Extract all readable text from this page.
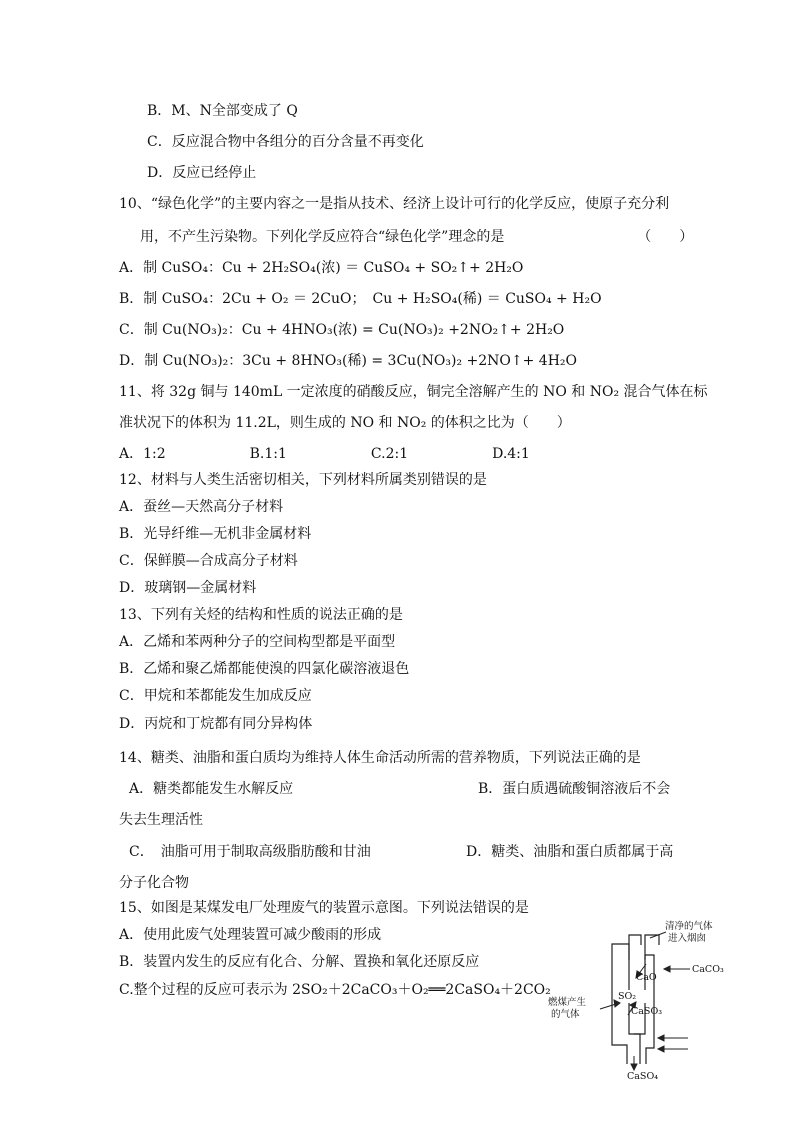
B．M、N全部变成了 Q
C．反应混合物中各组分的百分含量不再变化
D．反应已经停止
10、“绿色化学”的主要内容之一是指从技术、经济上设计可行的化学反应，使原子充分利
用，不产生污染物。下列化学反应符合“绿色化学”理念的是　　　　　　　　　　（　　）
A．制 CuSO₄：Cu + 2H₂SO₄(浓) ＝ CuSO₄ + SO₂↑+ 2H₂O
B．制 CuSO₄：2Cu + O₂ ＝ 2CuO；　Cu + H₂SO₄(稀) ＝ CuSO₄ + H₂O
C．制 Cu(NO₃)₂：Cu + 4HNO₃(浓) = Cu(NO₃)₂ +2NO₂↑+ 2H₂O
D．制 Cu(NO₃)₂：3Cu + 8HNO₃(稀) = 3Cu(NO₃)₂ +2NO↑+ 4H₂O
11、将 32g 铜与 140mL 一定浓度的硝酸反应，铜完全溶解产生的 NO 和 NO₂ 混合气体在标
准状况下的体积为 11.2L，则生成的 NO 和 NO₂ 的体积之比为（　　）
A．1:2　　　　　　B.1:1　　　　　　C.2:1　　　　　　D.4:1
12、材料与人类生活密切相关，下列材料所属类别错误的是
A．蚕丝—天然高分子材料
B．光导纤维—无机非金属材料
C．保鲜膜—合成高分子材料
D．玻璃钢—金属材料
13、下列有关烃的结构和性质的说法正确的是
A．乙烯和苯两种分子的空间构型都是平面型
B．乙烯和聚乙烯都能使溴的四氯化碳溶液退色
C．甲烷和苯都能发生加成反应
D．丙烷和丁烷都有同分异构体
14、糖类、油脂和蛋白质均为维持人体生命活动所需的营养物质，下列说法正确的是
A．糖类都能发生水解反应	B．蛋白质遇硫酸铜溶液后不会
失去生理活性
C．　油脂可用于制取高级脂肪酸和甘油	D．糖类、油脂和蛋白质都属于高
分子化合物
15、如图是某煤发电厂处理废气的装置示意图。下列说法错误的是
A．使用此废气处理装置可减少酸雨的形成
B．装置内发生的反应有化合、分解、置换和氧化还原反应
C.整个过程的反应可表示为 2SO₂＋2CaCO₃＋O₂══2CaSO₄＋2CO₂
清净的气体
进入烟囱
CaCO₃
CaO
SO₂
CaSO₃
燃煤产生
的气体
CaSO₄
